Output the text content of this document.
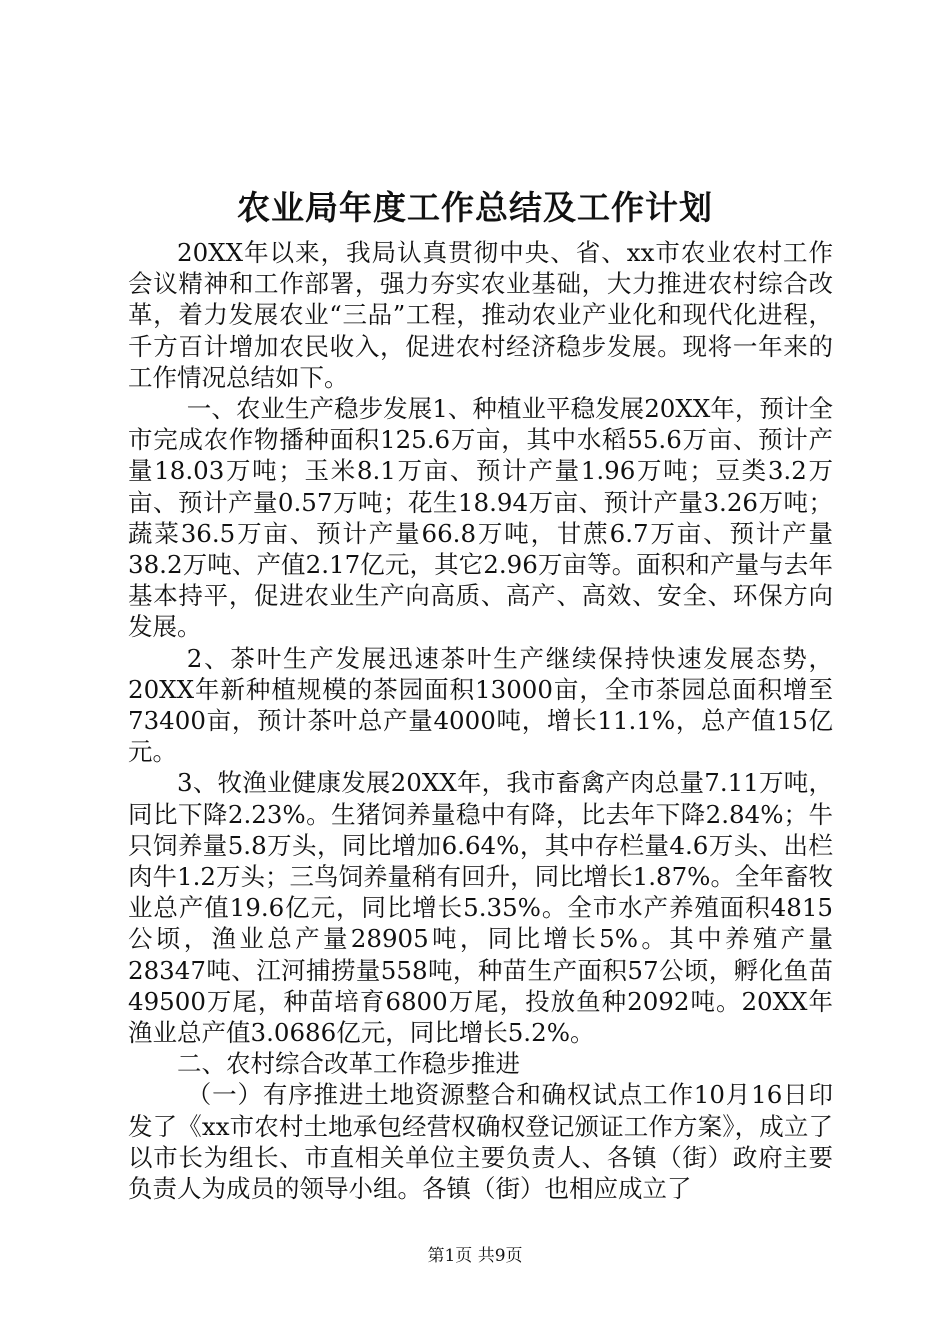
农业局年度工作总结及工作计划

20XX年以来，我局认真贯彻中央、省、xx市农业农村工作会议精神和工作部署，强力夯实农业基础，大力推进农村综合改革，着力发展农业“三品”工程，推动农业产业化和现代化进程，千方百计增加农民收入，促进农村经济稳步发展。现将一年来的工作情况总结如下。

一、农业生产稳步发展1、种植业平稳发展20XX年，预计全市完成农作物播种面积125.6万亩，其中水稻55.6万亩、预计产量18.03万吨；玉米8.1万亩、预计产量1.96万吨；豆类3.2万亩、预计产量0.57万吨；花生18.94万亩、预计产量3.26万吨；蔬菜36.5万亩、预计产量66.8万吨，甘蔗6.7万亩、预计产量38.2万吨、产值2.17亿元，其它2.96万亩等。面积和产量与去年基本持平，促进农业生产向高质、高产、高效、安全、环保方向发展。

2、茶叶生产发展迅速茶叶生产继续保持快速发展态势，20XX年新种植规模的茶园面积13000亩，全市茶园总面积增至73400亩，预计茶叶总产量4000吨，增长11.1%，总产值15亿元。

3、牧渔业健康发展20XX年，我市畜禽产肉总量7.11万吨，同比下降2.23%。生猪饲养量稳中有降，比去年下降2.84%；牛只饲养量5.8万头，同比增加6.64%，其中存栏量4.6万头、出栏肉牛1.2万头；三鸟饲养量稍有回升，同比增长1.87%。全年畜牧业总产值19.6亿元，同比增长5.35%。全市水产养殖面积4815公顷，渔业总产量28905吨，同比增长5%。其中养殖产量28347吨、江河捕捞量558吨，种苗生产面积57公顷，孵化鱼苗49500万尾，种苗培育6800万尾，投放鱼种2092吨。20XX年渔业总产值3.0686亿元，同比增长5.2%。

二、农村综合改革工作稳步推进

（一）有序推进土地资源整合和确权试点工作10月16日印发了《xx市农村土地承包经营权确权登记颁证工作方案》，成立了以市长为组长、市直相关单位主要负责人、各镇（街）政府主要负责人为成员的领导小组。各镇（街）也相应成立了

第1页 共9页
